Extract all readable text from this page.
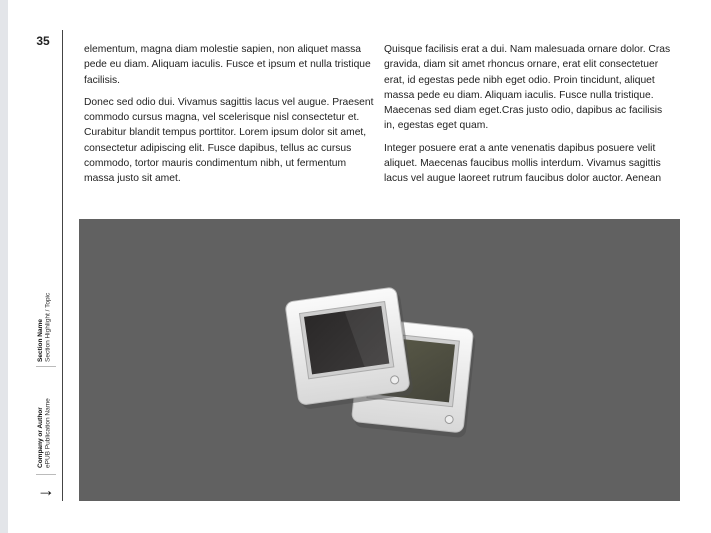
35
Section Name Section Highlight / Topic
Company or Author ePUB Publication Name
→

elementum, magna diam molestie sapien, non aliquet massa pede eu diam. Aliquam iaculis. Fusce et ipsum et nulla tristique facilisis.

Donec sed odio dui. Vivamus sagittis lacus vel augue. Praesent commodo cursus magna, vel scelerisque nisl consectetur et. Curabitur blandit tempus porttitor. Lorem ipsum dolor sit amet, consectetur adipiscing elit. Fusce dapibus, tellus ac cursus commodo, tortor mauris condimentum nibh, ut fermentum massa justo sit amet.

Quisque facilisis erat a dui. Nam malesuada ornare dolor. Cras gravida, diam sit amet rhoncus ornare, erat elit consectetuer erat, id egestas pede nibh eget odio. Proin tincidunt, aliquet massa pede eu diam. Aliquam iaculis. Fusce nulla tristique. Maecenas sed diam eget.Cras justo odio, dapibus ac facilisis in, egestas eget quam.

Integer posuere erat a ante venenatis dapibus posuere velit aliquet. Maecenas faucibus mollis interdum. Vivamus sagittis lacus vel augue laoreet rutrum faucibus dolor auctor. Aenean
